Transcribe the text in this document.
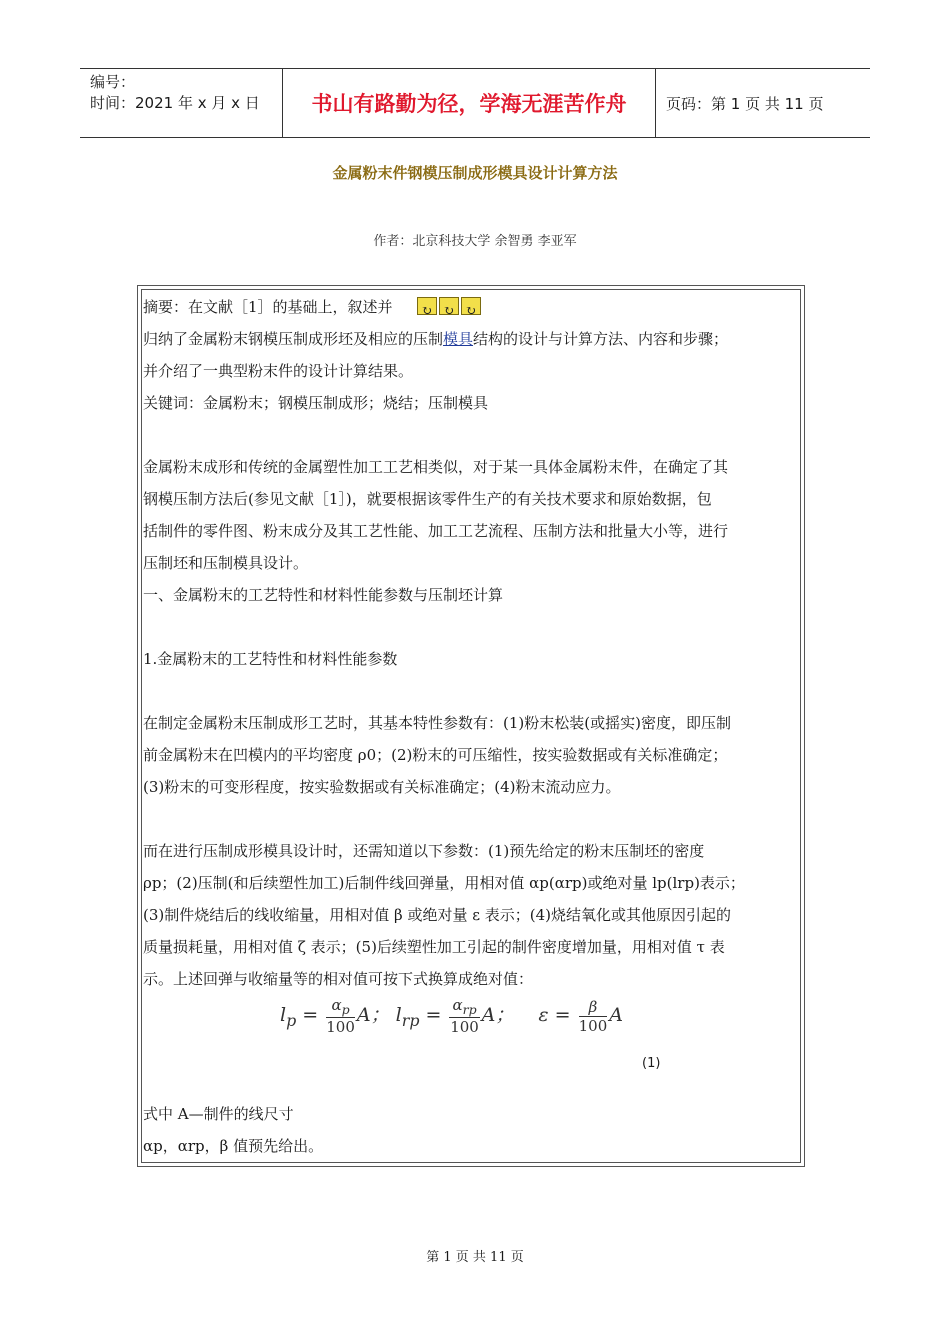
编号：
时间：2021 年 x 月 x 日	书山有路勤为径，学海无涯苦作舟	页码：第 1 页 共 11 页
金属粉末件钢模压制成形模具设计计算方法
作者：北京科技大学 余智勇 李亚军
摘要：在文献［1］的基础上，叙述并 ↻↻↻
归纳了金属粉末钢模压制成形坯及相应的压制模具结构的设计与计算方法、内容和步骤；
并介绍了一典型粉末件的设计计算结果。
关键词：金属粉末；钢模压制成形；烧结；压制模具
金属粉末成形和传统的金属塑性加工工艺相类似，对于某一具体金属粉末件，在确定了其
钢模压制方法后(参见文献［1］)，就要根据该零件生产的有关技术要求和原始数据，包
括制件的零件图、粉末成分及其工艺性能、加工工艺流程、压制方法和批量大小等，进行
压制坯和压制模具设计。
一、金属粉末的工艺特性和材料性能参数与压制坯计算
1.金属粉末的工艺特性和材料性能参数
在制定金属粉末压制成形工艺时，其基本特性参数有：(1)粉末松装(或摇实)密度，即压制
前金属粉末在凹模内的平均密度 ρ0；(2)粉末的可压缩性，按实验数据或有关标准确定；
(3)粉末的可变形程度，按实验数据或有关标准确定；(4)粉末流动应力。
而在进行压制成形模具设计时，还需知道以下参数：(1)预先给定的粉末压制坯的密度
ρp；(2)压制(和后续塑性加工)后制件线回弹量，用相对值 αp(αrp)或绝对量 lp(lrp)表示；
(3)制件烧结后的线收缩量，用相对值 β 或绝对量 ε 表示；(4)烧结氧化或其他原因引起的
质量损耗量，用相对值 ζ 表示；(5)后续塑性加工引起的制件密度增加量，用相对值 τ 表
示。上述回弹与收缩量等的相对值可按下式换算成绝对值：
$l_p = \frac{\alpha_p}{100}$ A； $l_{rp} = \frac{\alpha_{rp}}{100}$ A； $\varepsilon = \frac{\beta}{100}$ A
(1)
式中 A—制件的线尺寸
αp，αrp，β 值预先给出。
第 1 页 共 11 页
